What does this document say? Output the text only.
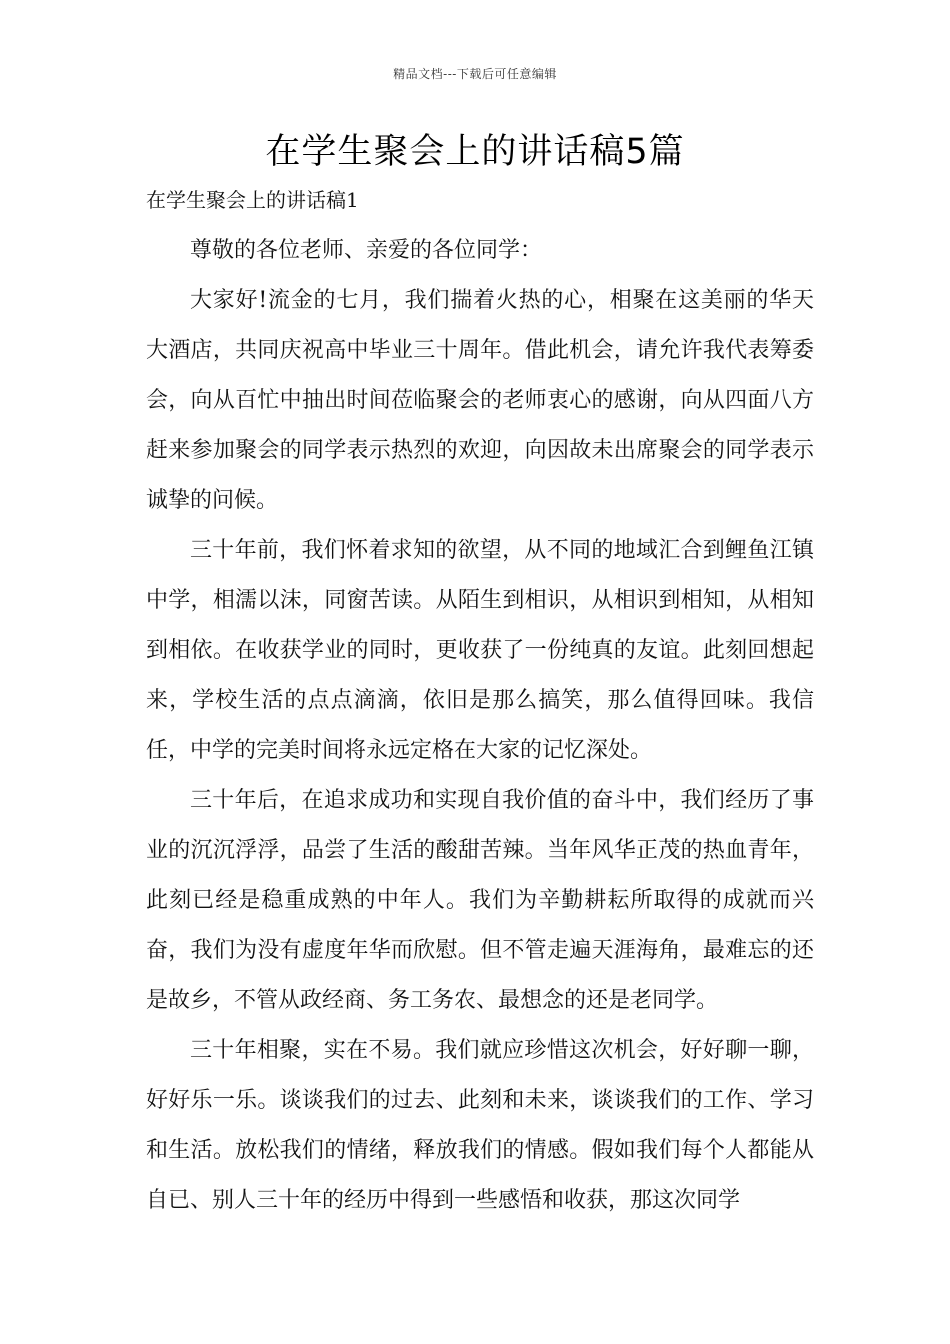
精品文档---下载后可任意编辑
在学生聚会上的讲话稿5篇
在学生聚会上的讲话稿1

尊敬的各位老师、亲爱的各位同学：

大家好!流金的七月，我们揣着火热的心，相聚在这美丽的华天大酒店，共同庆祝高中毕业三十周年。借此机会，请允许我代表筹委会，向从百忙中抽出时间莅临聚会的老师衷心的感谢，向从四面八方赶来参加聚会的同学表示热烈的欢迎，向因故未出席聚会的同学表示诚挚的问候。

三十年前，我们怀着求知的欲望，从不同的地域汇合到鲤鱼江镇中学，相濡以沫，同窗苦读。从陌生到相识，从相识到相知，从相知到相依。在收获学业的同时，更收获了一份纯真的友谊。此刻回想起来，学校生活的点点滴滴，依旧是那么搞笑，那么值得回味。我信任，中学的完美时间将永远定格在大家的记忆深处。

三十年后，在追求成功和实现自我价值的奋斗中，我们经历了事业的沉沉浮浮，品尝了生活的酸甜苦辣。当年风华正茂的热血青年，此刻已经是稳重成熟的中年人。我们为辛勤耕耘所取得的成就而兴奋，我们为没有虚度年华而欣慰。但不管走遍天涯海角，最难忘的还是故乡，不管从政经商、务工务农、最想念的还是老同学。

三十年相聚，实在不易。我们就应珍惜这次机会，好好聊一聊，好好乐一乐。谈谈我们的过去、此刻和未来，谈谈我们的工作、学习和生活。放松我们的情绪，释放我们的情感。假如我们每个人都能从自已、别人三十年的经历中得到一些感悟和收获，那这次同学
